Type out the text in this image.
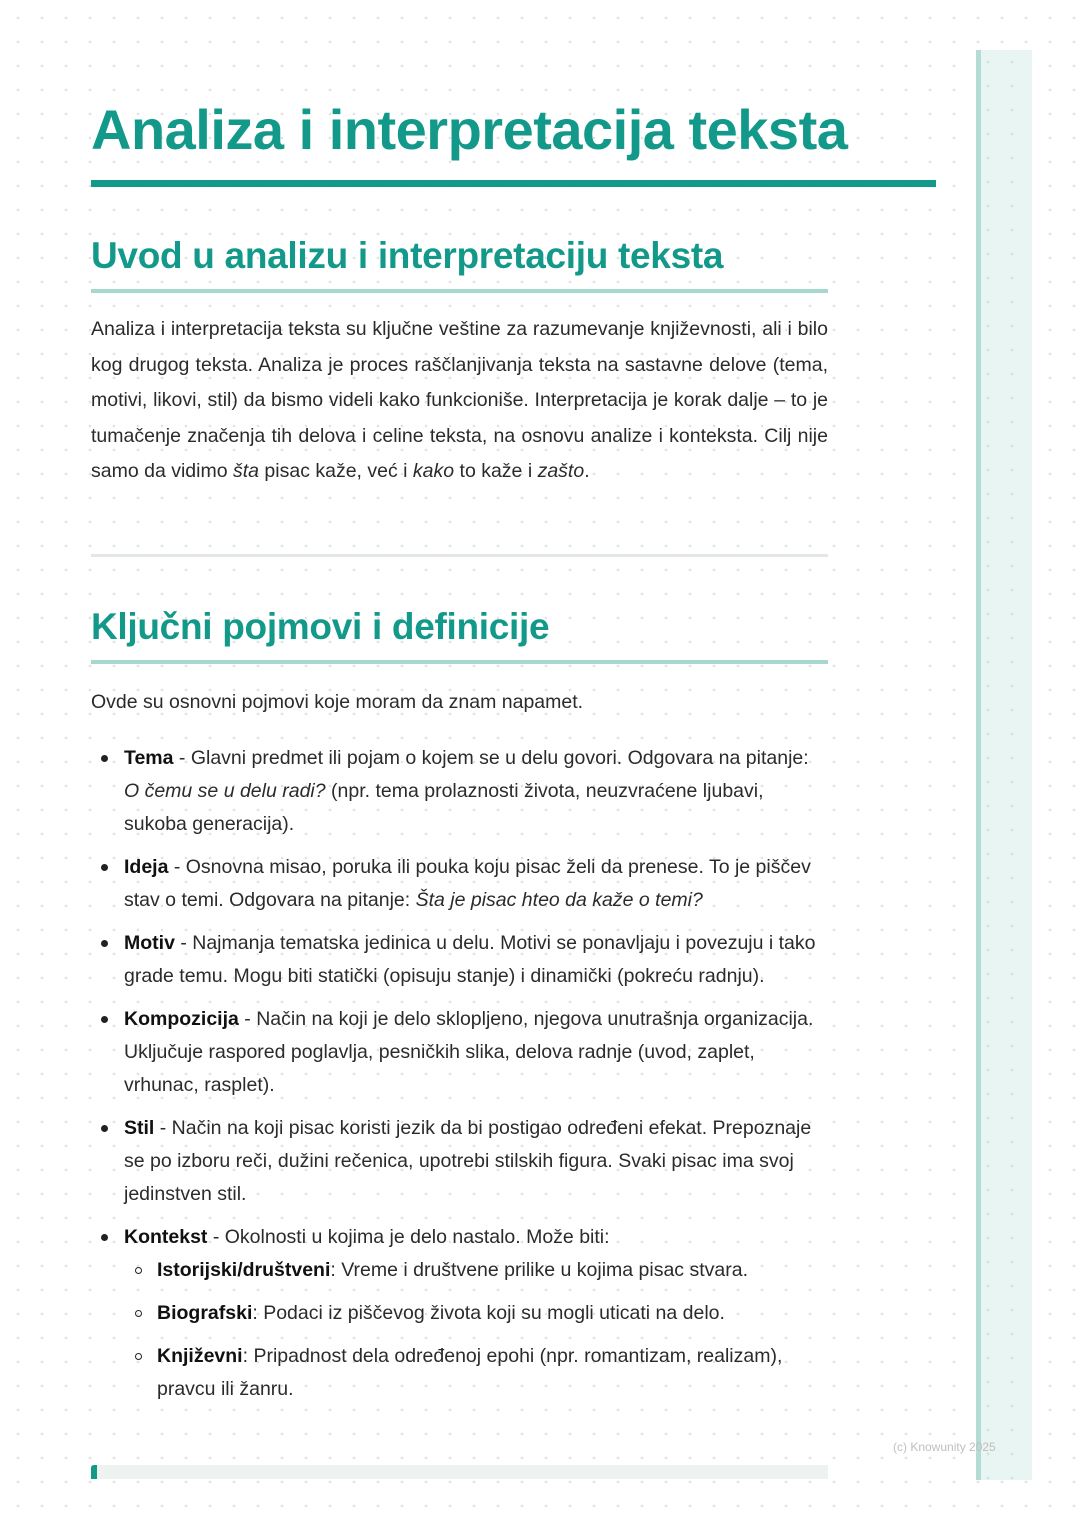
Analiza i interpretacija teksta
Uvod u analizu i interpretaciju teksta

Analiza i interpretacija teksta su ključne veštine za razumevanje književnosti, ali i bilo kog drugog teksta. Analiza je proces raščlanjivanja teksta na sastavne delove (tema, motivi, likovi, stil) da bismo videli kako funkcioniše. Interpretacija je korak dalje – to je tumačenje značenja tih delova i celine teksta, na osnovu analize i konteksta. Cilj nije samo da vidimo šta pisac kaže, već i kako to kaže i zašto.

Ključni pojmovi i definicije

Ovde su osnovni pojmovi koje moram da znam napamet.

Tema - Glavni predmet ili pojam o kojem se u delu govori. Odgovara na pitanje: O čemu se u delu radi? (npr. tema prolaznosti života, neuzvraćene ljubavi, sukoba generacija).
Ideja - Osnovna misao, poruka ili pouka koju pisac želi da prenese. To je piščev stav o temi. Odgovara na pitanje: Šta je pisac hteo da kaže o temi?
Motiv - Najmanja tematska jedinica u delu. Motivi se ponavljaju i povezuju i tako grade temu. Mogu biti statički (opisuju stanje) i dinamički (pokreću radnju).
Kompozicija - Način na koji je delo sklopljeno, njegova unutrašnja organizacija. Uključuje raspored poglavlja, pesničkih slika, delova radnje (uvod, zaplet, vrhunac, rasplet).
Stil - Način na koji pisac koristi jezik da bi postigao određeni efekat. Prepoznaje se po izboru reči, dužini rečenica, upotrebi stilskih figura. Svaki pisac ima svoj jedinstven stil.
Kontekst - Okolnosti u kojima je delo nastalo. Može biti:
Istorijski/društveni: Vreme i društvene prilike u kojima pisac stvara.
Biografski: Podaci iz piščevog života koji su mogli uticati na delo.
Književni: Pripadnost dela određenoj epohi (npr. romantizam, realizam), pravcu ili žanru.
(c) Knowunity 2025
